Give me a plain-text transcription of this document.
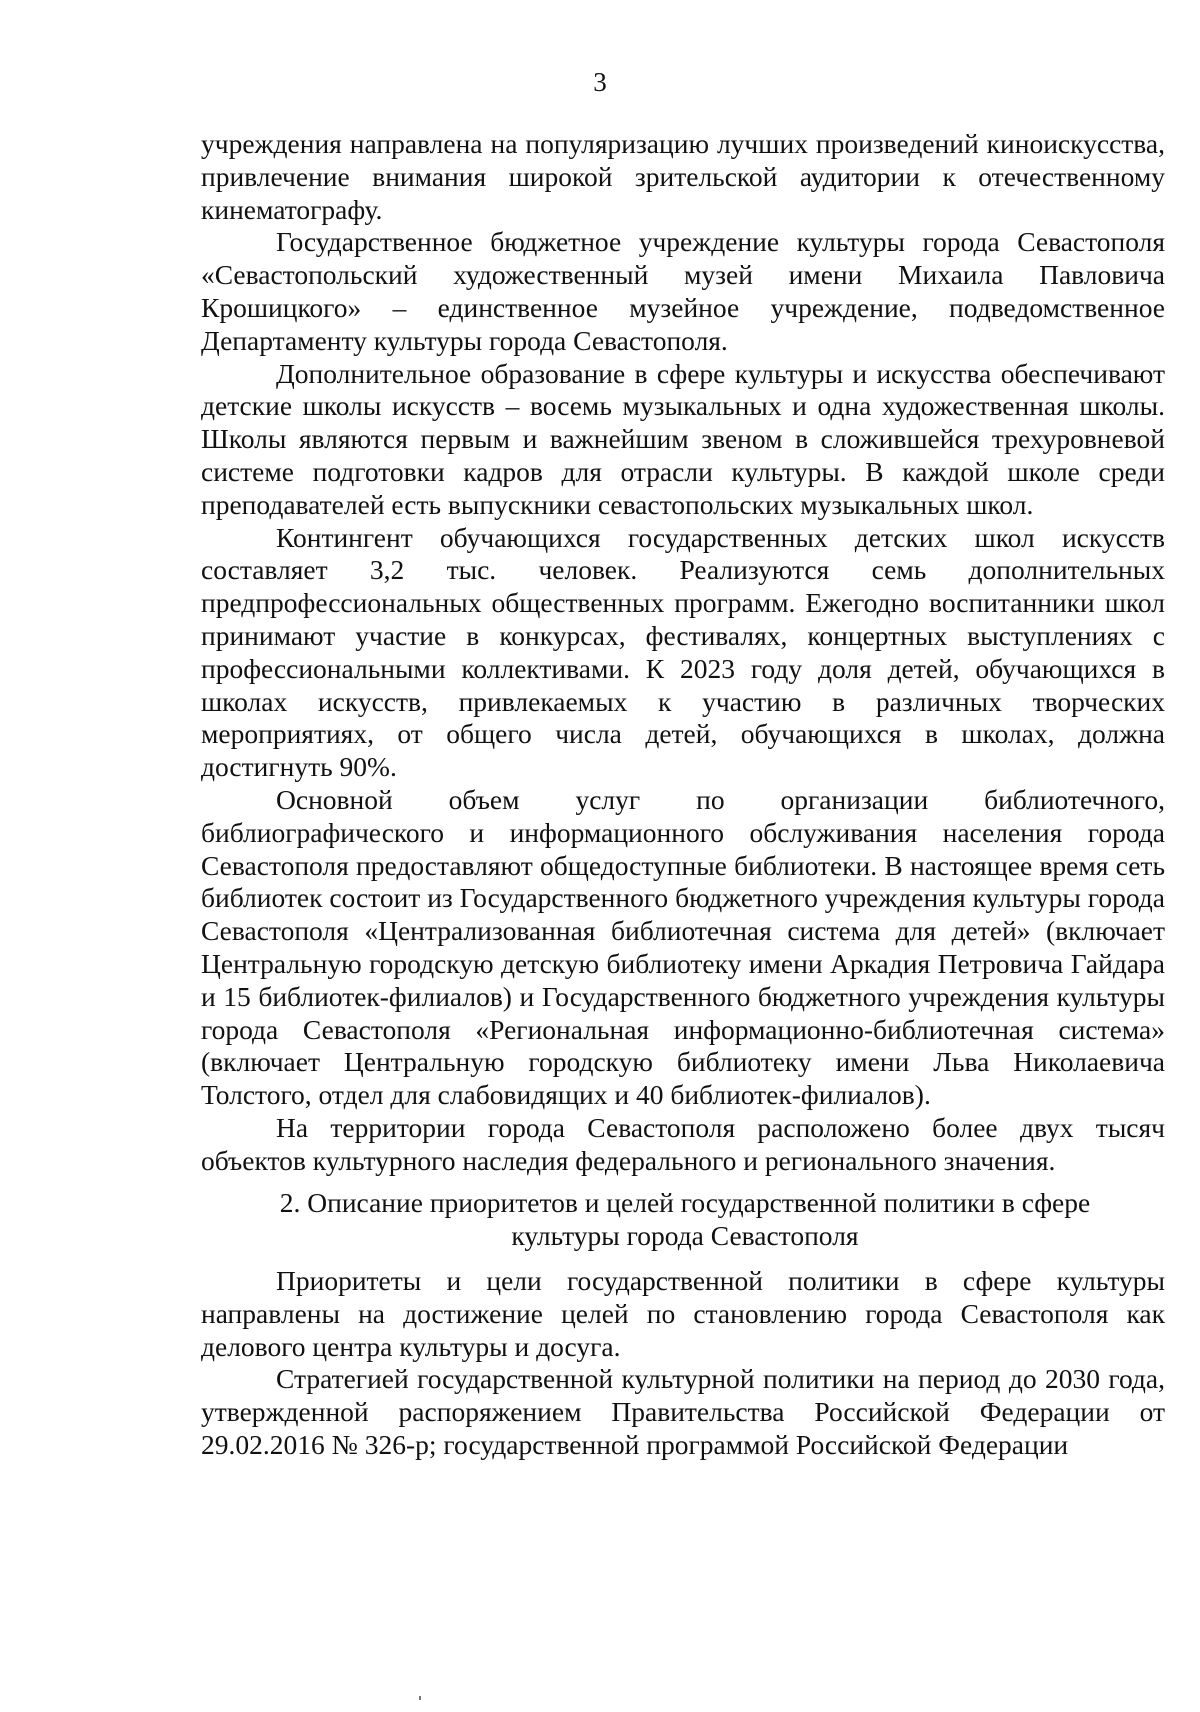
3

учреждения направлена на популяризацию лучших произведений киноискусства, привлечение внимания широкой зрительской аудитории к отечественному кинематографу.

Государственное бюджетное учреждение культуры города Севастополя «Севастопольский художественный музей имени Михаила Павловича Крошицкого» – единственное музейное учреждение, подведомственное Департаменту культуры города Севастополя.

Дополнительное образование в сфере культуры и искусства обеспечивают детские школы искусств – восемь музыкальных и одна художественная школы. Школы являются первым и важнейшим звеном в сложившейся трехуровневой системе подготовки кадров для отрасли культуры. В каждой школе среди преподавателей есть выпускники севастопольских музыкальных школ.

Контингент обучающихся государственных детских школ искусств составляет 3,2 тыс. человек. Реализуются семь дополнительных предпрофессиональных общественных программ. Ежегодно воспитанники школ принимают участие в конкурсах, фестивалях, концертных выступлениях с профессиональными коллективами. К 2023 году доля детей, обучающихся в школах искусств, привлекаемых к участию в различных творческих мероприятиях, от общего числа детей, обучающихся в школах, должна достигнуть 90%.

Основной объем услуг по организации библиотечного, библиографического и информационного обслуживания населения города Севастополя предоставляют общедоступные библиотеки. В настоящее время сеть библиотек состоит из Государственного бюджетного учреждения культуры города Севастополя «Централизованная библиотечная система для детей» (включает Центральную городскую детскую библиотеку имени Аркадия Петровича Гайдара и 15 библиотек-филиалов) и Государственного бюджетного учреждения культуры города Севастополя «Региональная информационно-библиотечная система» (включает Центральную городскую библиотеку имени Льва Николаевича Толстого, отдел для слабовидящих и 40 библиотек-филиалов).

На территории города Севастополя расположено более двух тысяч объектов культурного наследия федерального и регионального значения.

2. Описание приоритетов и целей государственной политики в сфере
культуры города Севастополя

Приоритеты и цели государственной политики в сфере культуры направлены на достижение целей по становлению города Севастополя как делового центра культуры и досуга.

Стратегией государственной культурной политики на период до 2030 года, утвержденной распоряжением Правительства Российской Федерации от 29.02.2016 № 326-р; государственной программой Российской Федерации
